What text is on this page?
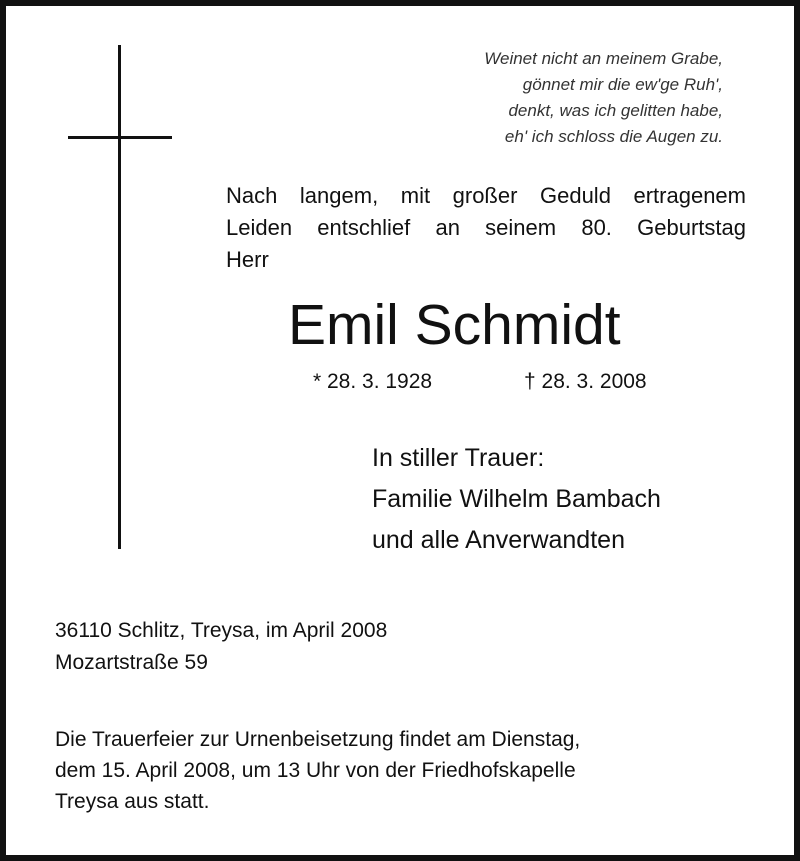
Weinet nicht an meinem Grabe,
gönnet mir die ew'ge Ruh',
denkt, was ich gelitten habe,
eh' ich schloss die Augen zu.
Nach langem, mit großer Geduld ertragenem
Leiden entschlief an seinem 80. Geburtstag
Herr
Emil Schmidt
* 28. 3. 1928	† 28. 3. 2008
In stiller Trauer:
Familie Wilhelm Bambach
und alle Anverwandten
36110 Schlitz, Treysa, im April 2008
Mozartstraße 59
Die Trauerfeier zur Urnenbeisetzung findet am Dienstag,
dem 15. April 2008, um 13 Uhr von der Friedhofskapelle
Treysa aus statt.
